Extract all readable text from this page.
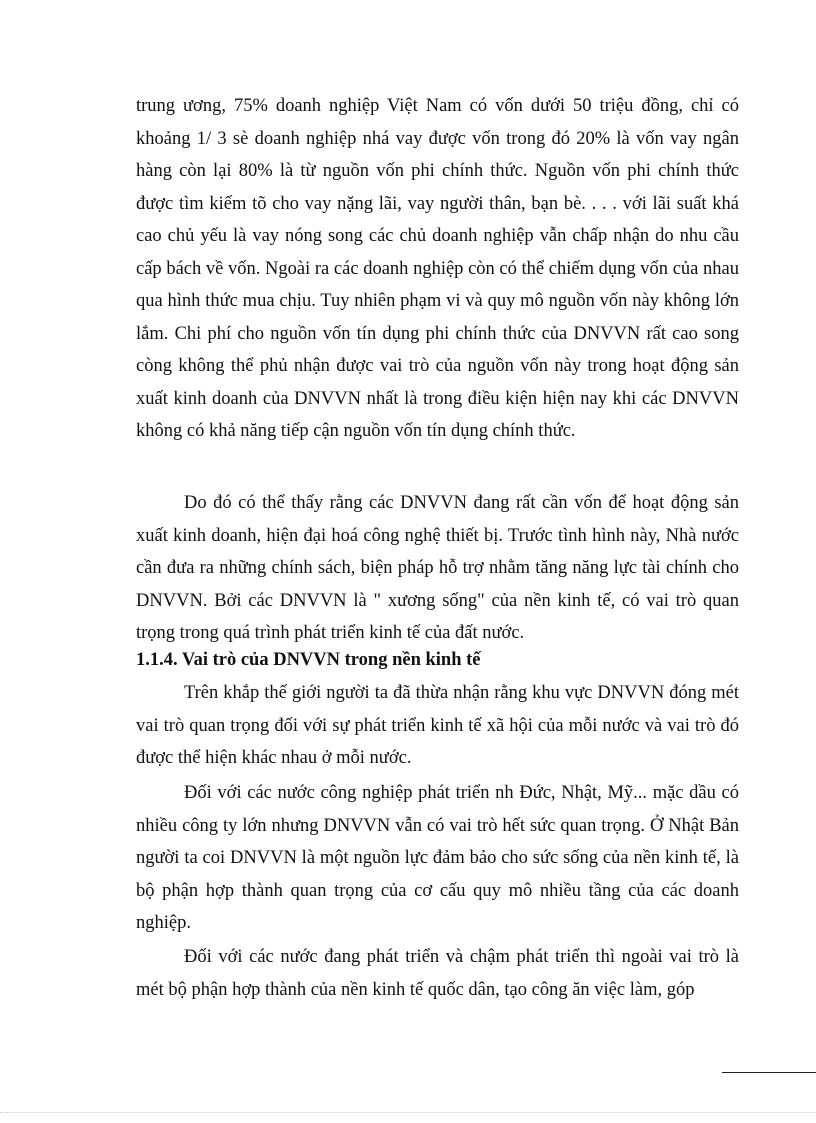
trung ương, 75% doanh nghiệp Việt Nam có vốn dưới 50 triệu đồng, chỉ có khoảng 1/ 3 sè doanh nghiệp nhá vay được vốn trong đó 20% là vốn vay ngân hàng còn lại 80% là từ nguồn vốn phi chính thức. Nguồn vốn phi chính thức được tìm kiếm tõ cho vay nặng lãi, vay người thân, bạn bè. . . . với lãi suất khá cao chủ yếu là vay nóng song các chủ doanh nghiệp vẫn chấp nhận do nhu cầu cấp bách về vốn. Ngoài ra các doanh nghiệp còn có thể chiếm dụng vốn của nhau qua hình thức mua chịu. Tuy nhiên phạm vi và quy mô nguồn vốn này không lớn lắm. Chi phí cho nguồn vốn tín dụng phi chính thức của DNVVN rất cao song còng không thể phủ nhận được vai trò của nguồn vốn này trong hoạt động sản xuất kinh doanh của DNVVN nhất là trong điều kiện hiện nay khi các DNVVN không có khả năng tiếp cận nguồn vốn tín dụng chính thức.

Do đó có thể thấy rằng các DNVVN đang rất cần vốn để hoạt động sản xuất kinh doanh, hiện đại hoá công nghệ thiết bị. Trước tình hình này, Nhà nước cần đưa ra những chính sách, biện pháp hỗ trợ nhằm tăng năng lực tài chính cho DNVVN. Bởi các DNVVN là " xương sống" của nền kinh tế, có vai trò quan trọng trong quá trình phát triển kinh tế của đất nước.

1.1.4. Vai trò của DNVVN trong nền kinh tế

Trên khắp thế giới người ta đã thừa nhận rằng khu vực DNVVN đóng mét vai trò quan trọng đối với sự phát triển kinh tế xã hội của mỗi nước và vai trò đó được thể hiện khác nhau ở mỗi nước.

Đối với các nước công nghiệp phát triển nh Đức, Nhật, Mỹ... mặc dầu có nhiều công ty lớn nhưng DNVVN vẫn có vai trò hết sức quan trọng. Ở Nhật Bản người ta coi DNVVN là một nguồn lực đảm bảo cho sức sống của nền kinh tế, là bộ phận hợp thành quan trọng của cơ cấu quy mô nhiều tầng của các doanh nghiệp.

Đối với các nước đang phát triển và chậm phát triển thì ngoài vai trò là mét bộ phận hợp thành của nền kinh tế quốc dân, tạo công ăn việc làm, góp
